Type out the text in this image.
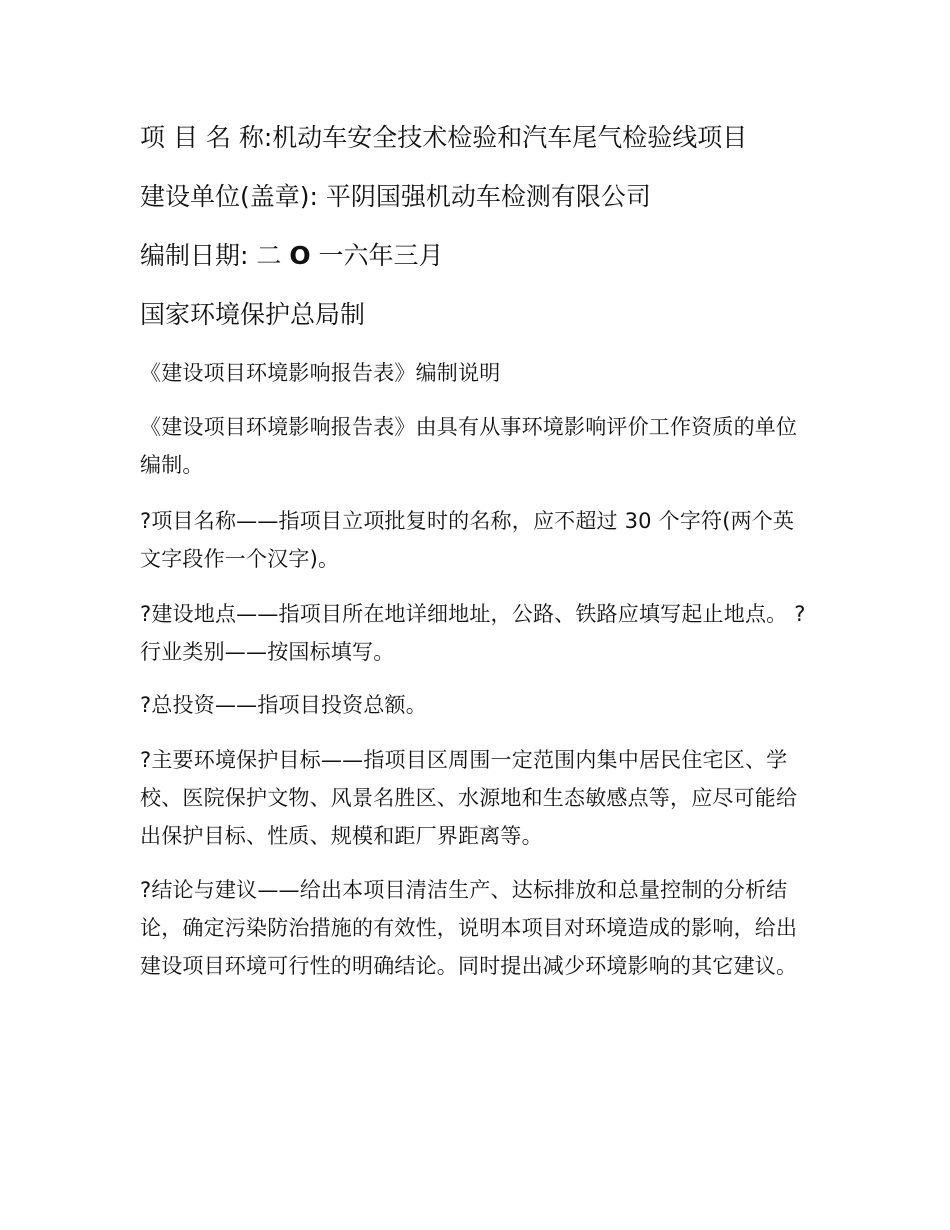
项 目 名 称:机动车安全技术检验和汽车尾气检验线项目

建设单位(盖章): 平阴国强机动车检测有限公司

编制日期: 二 O 一六年三月

国家环境保护总局制

《建设项目环境影响报告表》编制说明

《建设项目环境影响报告表》由具有从事环境影响评价工作资质的单位编制。

?项目名称——指项目立项批复时的名称，应不超过 30 个字符(两个英文字段作一个汉字)。

?建设地点——指项目所在地详细地址，公路、铁路应填写起止地点。 ?行业类别——按国标填写。

?总投资——指项目投资总额。

?主要环境保护目标——指项目区周围一定范围内集中居民住宅区、学校、医院保护文物、风景名胜区、水源地和生态敏感点等，应尽可能给出保护目标、性质、规模和距厂界距离等。

?结论与建议——给出本项目清洁生产、达标排放和总量控制的分析结论，确定污染防治措施的有效性，说明本项目对环境造成的影响，给出建设项目环境可行性的明确结论。同时提出减少环境影响的其它建议。
